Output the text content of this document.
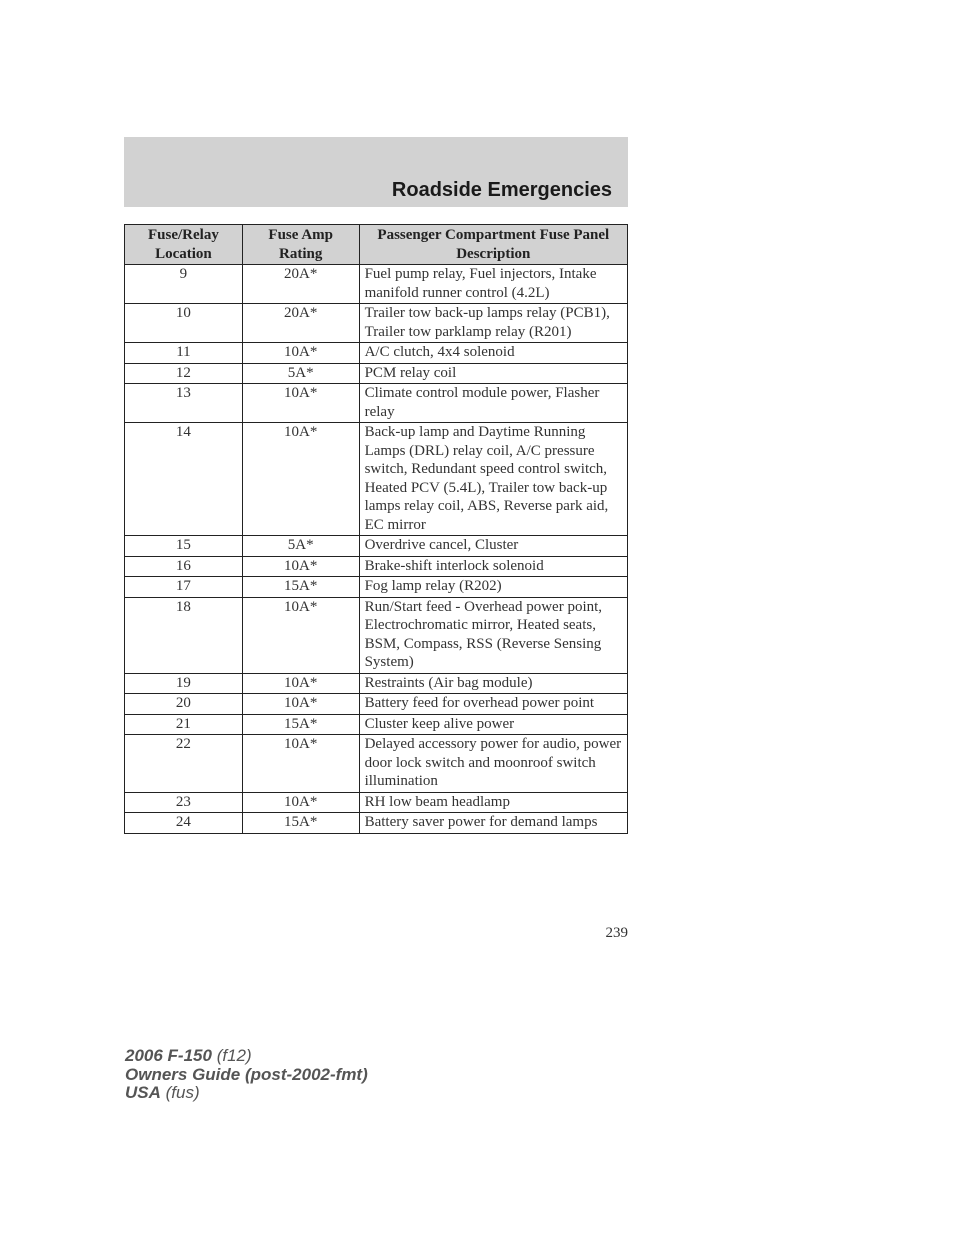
Roadside Emergencies
Fuse/Relay Location	Fuse Amp Rating	Passenger Compartment Fuse Panel Description
9	20A*	Fuel pump relay, Fuel injectors, Intake manifold runner control (4.2L)
10	20A*	Trailer tow back-up lamps relay (PCB1), Trailer tow parklamp relay (R201)
11	10A*	A/C clutch, 4x4 solenoid
12	5A*	PCM relay coil
13	10A*	Climate control module power, Flasher relay
14	10A*	Back-up lamp and Daytime Running Lamps (DRL) relay coil, A/C pressure switch, Redundant speed control switch, Heated PCV (5.4L), Trailer tow back-up lamps relay coil, ABS, Reverse park aid, EC mirror
15	5A*	Overdrive cancel, Cluster
16	10A*	Brake-shift interlock solenoid
17	15A*	Fog lamp relay (R202)
18	10A*	Run/Start feed - Overhead power point, Electrochromatic mirror, Heated seats, BSM, Compass, RSS (Reverse Sensing System)
19	10A*	Restraints (Air bag module)
20	10A*	Battery feed for overhead power point
21	15A*	Cluster keep alive power
22	10A*	Delayed accessory power for audio, power door lock switch and moonroof switch illumination
23	10A*	RH low beam headlamp
24	15A*	Battery saver power for demand lamps
239
2006 F-150 (f12)
Owners Guide (post-2002-fmt)
USA (fus)
